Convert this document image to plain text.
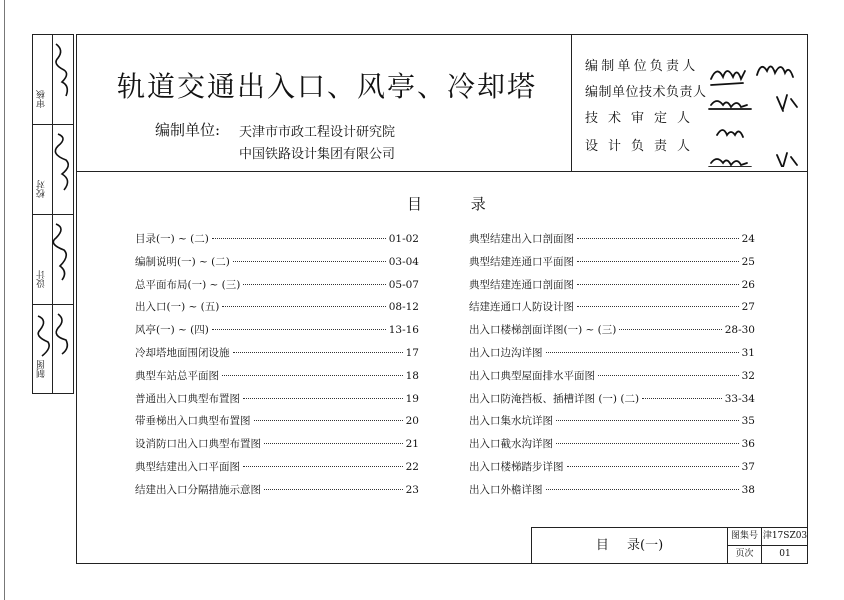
审核
校对
设计
制图
轨道交通出入口、风亭、冷却塔
编制单位: 天津市市政工程设计研究院
中国铁路设计集团有限公司
编制单位负责人
编制单位技术负责人
技术审定人
设计负责人
目 录
目录(一) ~ (二)	01-02
编制说明(一) ~ (二)	03-04
总平面布局(一) ~ (三)	05-07
出入口(一) ~ (五)	08-12
风亭(一) ~ (四)	13-16
冷却塔地面围闭设施	17
典型车站总平面图	18
普通出入口典型布置图	19
带垂梯出入口典型布置图	20
设消防口出入口典型布置图	21
典型结建出入口平面图	22
结建出入口分隔措施示意图	23
典型结建出入口剖面图	24
典型结建连通口平面图	25
典型结建连通口剖面图	26
结建连通口人防设计图	27
出入口楼梯剖面详图(一) ~ (三)	28-30
出入口边沟详图	31
出入口典型屋面排水平面图	32
出入口防淹挡板、插槽详图 (一) (二)	33-34
出入口集水坑详图	35
出入口截水沟详图	36
出入口楼梯踏步详图	37
出入口外檐详图	38
目 录(一)
图集号 津17SZ03
页次	01
